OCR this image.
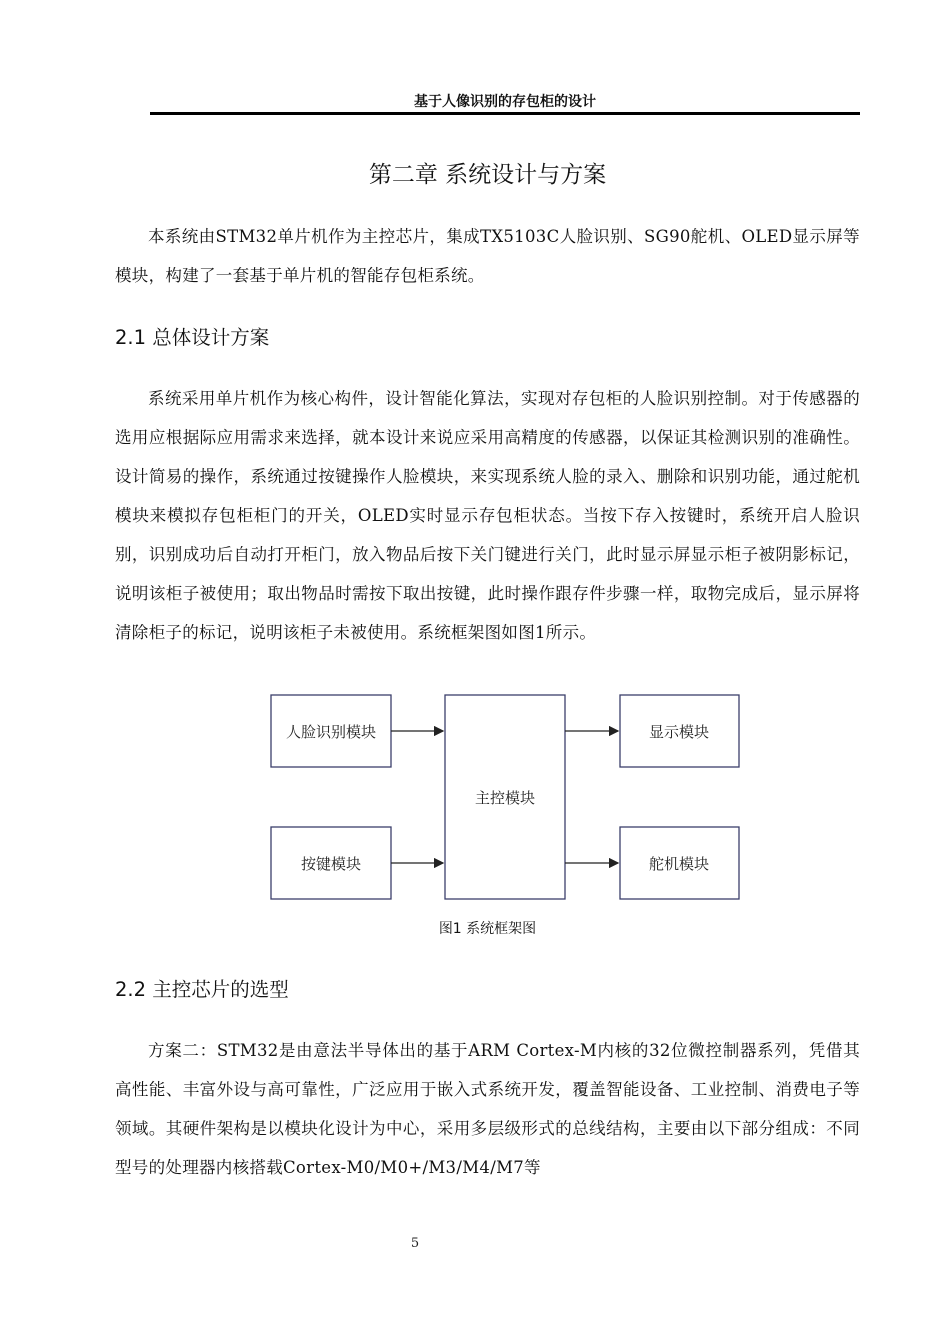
基于人像识别的存包柜的设计
第二章 系统设计与方案

本系统由STM32单片机作为主控芯片，集成TX5103C人脸识别、SG90舵机、OLED显示屏等模块，构建了一套基于单片机的智能存包柜系统。

2.1 总体设计方案

系统采用单片机作为核心构件，设计智能化算法，实现对存包柜的人脸识别控制。对于传感器的选用应根据际应用需求来选择，就本设计来说应采用高精度的传感器，以保证其检测识别的准确性。设计简易的操作，系统通过按键操作人脸模块，来实现系统人脸的录入、删除和识别功能，通过舵机模块来模拟存包柜柜门的开关，OLED实时显示存包柜状态。当按下存入按键时，系统开启人脸识别，识别成功后自动打开柜门，放入物品后按下关门键进行关门，此时显示屏显示柜子被阴影标记，说明该柜子被使用；取出物品时需按下取出按键，此时操作跟存件步骤一样，取物完成后，显示屏将清除柜子的标记，说明该柜子未被使用。系统框架图如图1所示。

人脸识别模块
按键模块
主控模块
显示模块
舵机模块
图1 系统框架图
2.2 主控芯片的选型

方案二：STM32是由意法半导体出的基于ARM Cortex-M内核的32位微控制器系列，凭借其高性能、丰富外设与高可靠性，广泛应用于嵌入式系统开发，覆盖智能设备、工业控制、消费电子等领域。其硬件架构是以模块化设计为中心，采用多层级形式的总线结构，主要由以下部分组成：不同型号的处理器内核搭载Cortex-M0/M0+/M3/M4/M7等

5
